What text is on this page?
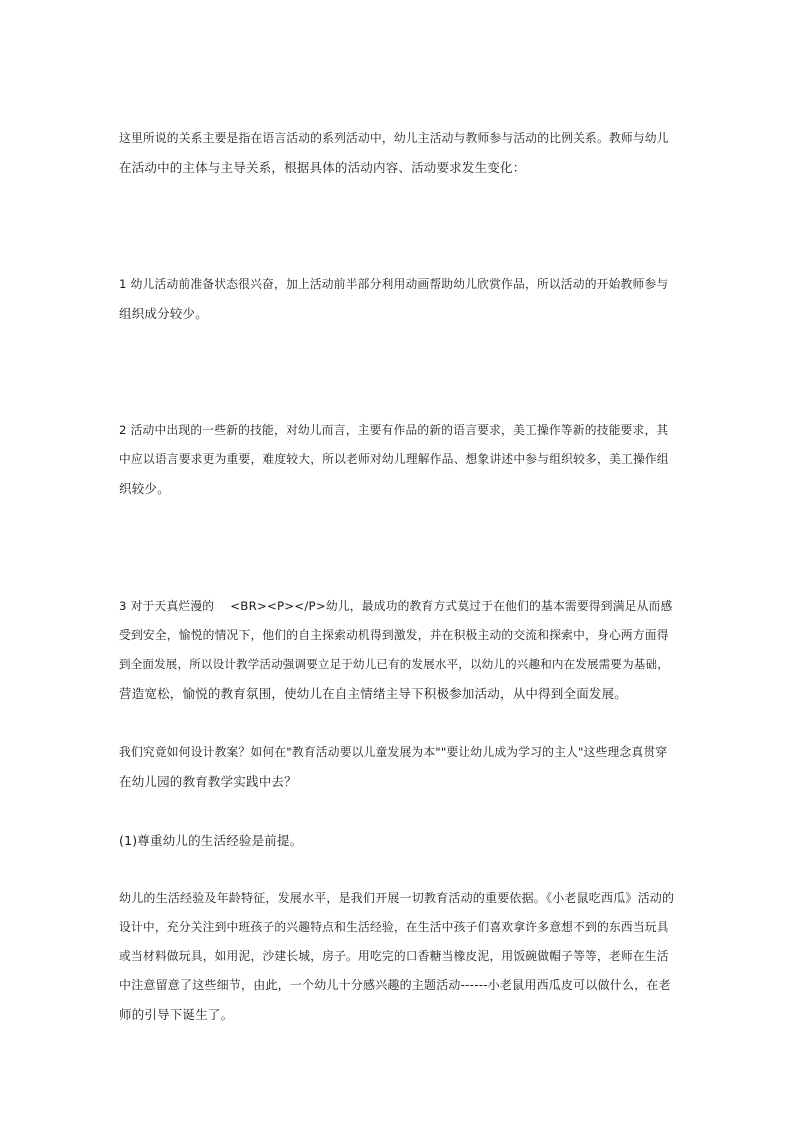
这里所说的关系主要是指在语言活动的系列活动中，幼儿主活动与教师参与活动的比例关系。教师与幼儿
在活动中的主体与主导关系，根据具体的活动内容、活动要求发生变化：
1 幼儿活动前准备状态很兴奋，加上活动前半部分利用动画帮助幼儿欣赏作品，所以活动的开始教师参与
组织成分较少。
2 活动中出现的一些新的技能，对幼儿而言，主要有作品的新的语言要求，美工操作等新的技能要求，其
中应以语言要求更为重要，难度较大，所以老师对幼儿理解作品、想象讲述中参与组织较多，美工操作组
织较少。
3 对于天真烂漫的 <BR><P></P>幼儿，最成功的教育方式莫过于在他们的基本需要得到满足从而感
受到安全，愉悦的情况下，他们的自主探索动机得到激发，并在积极主动的交流和探索中，身心两方面得
到全面发展，所以设计教学活动强调要立足于幼儿已有的发展水平，以幼儿的兴趣和内在发展需要为基础，
营造宽松，愉悦的教育氛围，使幼儿在自主情绪主导下积极参加活动，从中得到全面发展。
我们究竟如何设计教案？如何在"教育活动要以儿童发展为本""要让幼儿成为学习的主人"这些理念真贯穿
在幼儿园的教育教学实践中去？
(1)尊重幼儿的生活经验是前提。
幼儿的生活经验及年龄特征，发展水平，是我们开展一切教育活动的重要依据。《小老鼠吃西瓜》活动的
设计中，充分关注到中班孩子的兴趣特点和生活经验，在生活中孩子们喜欢拿许多意想不到的东西当玩具
或当材料做玩具，如用泥，沙建长城，房子。用吃完的口香糖当橡皮泥，用饭碗做帽子等等，老师在生活
中注意留意了这些细节，由此，一个幼儿十分感兴趣的主题活动------小老鼠用西瓜皮可以做什么，在老
师的引导下诞生了。
